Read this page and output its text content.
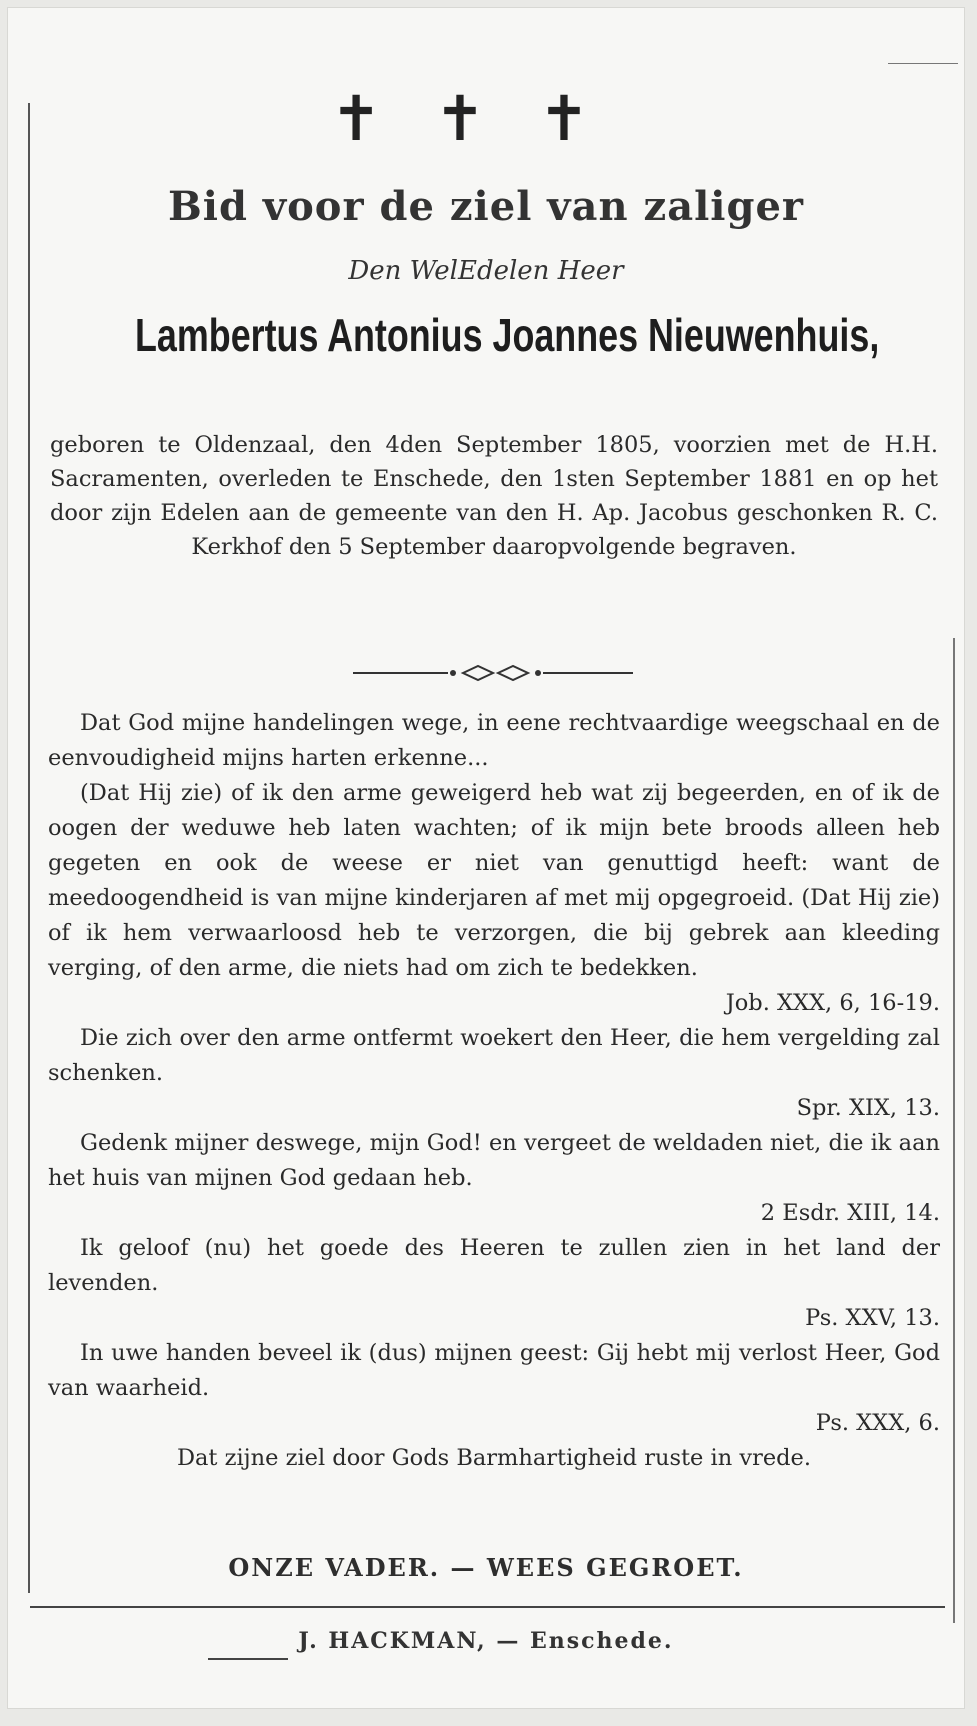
✝✝✝
Bid voor de ziel van zaliger
Den WelEdelen Heer
Lambertus Antonius Joannes Nieuwenhuis,
geboren te Oldenzaal, den 4den September 1805, voorzien met de H.H. Sacramenten, overleden te Enschede, den 1sten September 1881 en op het door zijn Edelen aan de gemeente van den H. Ap. Jacobus geschonken R. C. Kerkhof den 5 September daaropvolgende begraven.

Dat God mijne handelingen wege, in eene rechtvaardige weegschaal en de eenvoudigheid mijns harten erkenne...

(Dat Hij zie) of ik den arme geweigerd heb wat zij begeerden, en of ik de oogen der weduwe heb laten wachten; of ik mijn bete broods alleen heb gegeten en ook de weese er niet van genuttigd heeft: want de meedoogendheid is van mijne kinderjaren af met mij opgegroeid. (Dat Hij zie) of ik hem verwaarloosd heb te verzorgen, die bij gebrek aan kleeding verging, of den arme, die niets had om zich te bedekken.

Job. XXX, 6, 16-19.

Die zich over den arme ontfermt woekert den Heer, die hem vergelding zal schenken.

Spr. XIX, 13.

Gedenk mijner deswege, mijn God! en vergeet de weldaden niet, die ik aan het huis van mijnen God gedaan heb.

2 Esdr. XIII, 14.

Ik geloof (nu) het goede des Heeren te zullen zien in het land der levenden.

Ps. XXV, 13.

In uwe handen beveel ik (dus) mijnen geest: Gij hebt mij verlost Heer, God van waarheid.

Ps. XXX, 6.

Dat zijne ziel door Gods Barmhartigheid ruste in vrede.

ONZE VADER. — WEES GEGROET.
J. HACKMAN, — Enschede.
